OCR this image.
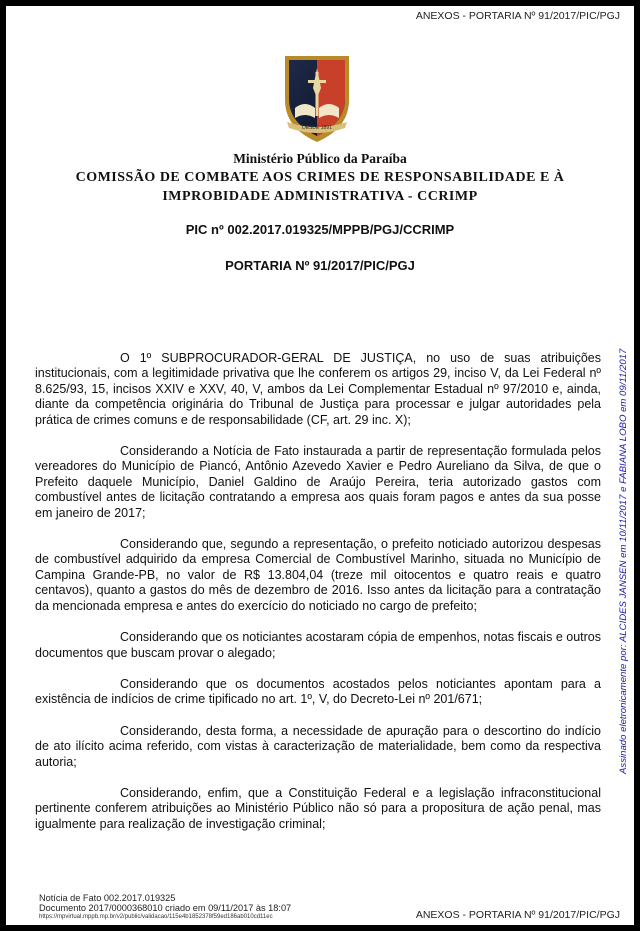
ANEXOS - PORTARIA Nº 91/2017/PIC/PGJ
DESDE 1891
Ministério Público da Paraíba
COMISSÃO DE COMBATE AOS CRIMES DE RESPONSABILIDADE E À
IMPROBIDADE ADMINISTRATIVA - CCRIMP
PIC nº 002.2017.019325/MPPB/PGJ/CCRIMP
PORTARIA Nº 91/2017/PIC/PGJ

O 1º SUBPROCURADOR-GERAL DE JUSTIÇA, no uso de suas atribuições institucionais, com a legitimidade privativa que lhe conferem os artigos 29, inciso V, da Lei Federal nº 8.625/93, 15, incisos XXIV e XXV, 40, V, ambos da Lei Complementar Estadual nº 97/2010 e, ainda, diante da competência originária do Tribunal de Justiça para processar e julgar autoridades pela prática de crimes comuns e de responsabilidade (CF, art. 29 inc. X);

Considerando a Notícia de Fato instaurada a partir de representação formulada pelos vereadores do Município de Piancó, Antônio Azevedo Xavier e Pedro Aureliano da Silva, de que o Prefeito daquele Município, Daniel Galdino de Araújo Pereira, teria autorizado gastos com combustível antes de licitação contratando a empresa aos quais foram pagos e antes da sua posse em janeiro de 2017;

Considerando que, segundo a representação, o prefeito noticiado autorizou despesas de combustível adquirido da empresa Comercial de Combustível Marinho, situada no Município de Campina Grande-PB, no valor de R$ 13.804,04 (treze mil oitocentos e quatro reais e quatro centavos), quanto a gastos do mês de dezembro de 2016. Isso antes da licitação para a contratação da mencionada empresa e antes do exercício do noticiado no cargo de prefeito;

Considerando que os noticiantes acostaram cópia de empenhos, notas fiscais e outros documentos que buscam provar o alegado;

Considerando que os documentos acostados pelos noticiantes apontam para a existência de indícios de crime tipificado no art. 1º, V, do Decreto-Lei nº 201/671;

Considerando, desta forma, a necessidade de apuração para o descortino do indício de ato ilícito acima referido, com vistas à caracterização de materialidade, bem como da respectiva autoria;

Considerando, enfim, que a Constituição Federal e a legislação infraconstitucional pertinente conferem atribuições ao Ministério Público não só para a propositura de ação penal, mas igualmente para realização de investigação criminal;

Assinado eletronicamente por: ALCIDES JANSEN em 10/11/2017 e FABIANA LOBO em 09/11/2017
Notícia de Fato 002.2017.019325
Documento 2017/0000368010 criado em 09/11/2017 às 18:07
https://mpvirtual.mppb.mp.br/v2/public/validacao/115e4b1852378f59ed186ab010cd11ec	ANEXOS - PORTARIA Nº 91/2017/PIC/PGJ
